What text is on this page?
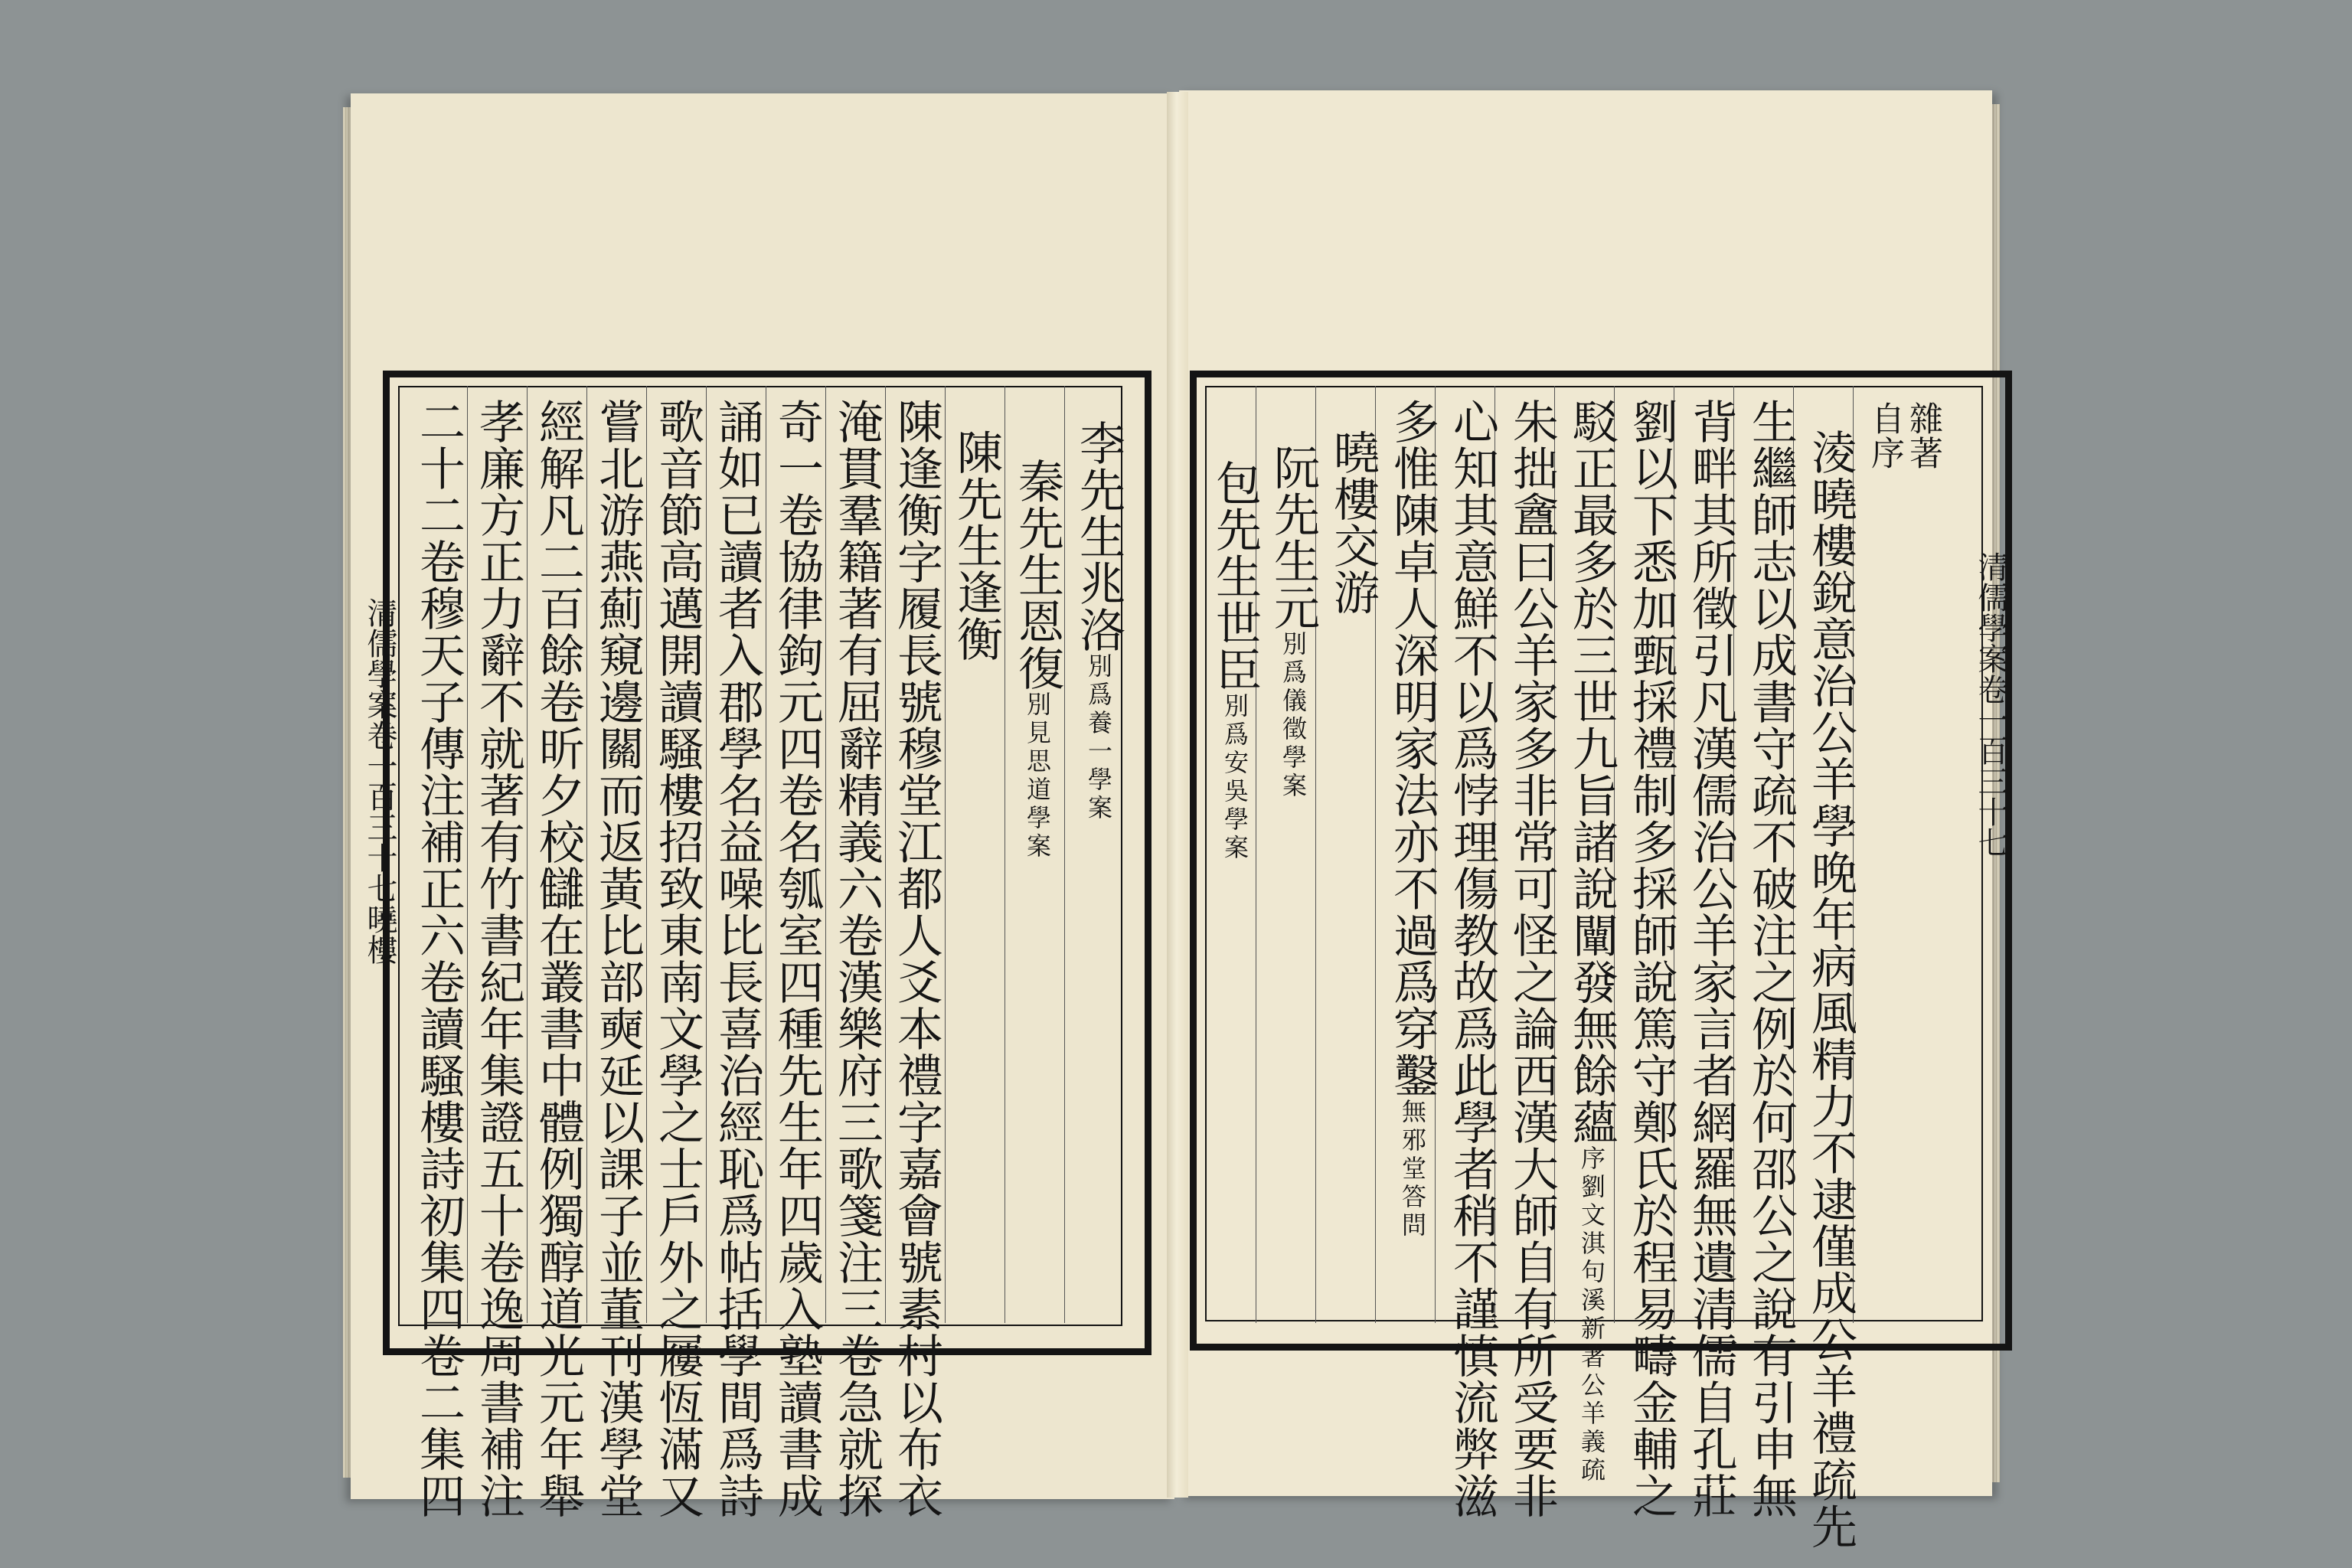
清儒學案卷一百三十七曉樓	清儒學案卷一百三十七
李先生兆洛別爲養一學案
秦先生恩復別見思道學案
陳先生逢衡
陳逢衡字履長號穆堂江都人爻本禮字嘉會號素村以布衣
淹貫羣籍著有屈辭精義六卷漢樂府三歌箋注三卷急就探
奇一卷協律鉤元四卷名瓠室四種先生年四歲入塾讀書成
誦如已讀者入郡學名益噪比長喜治經恥爲帖括學間爲詩
歌音節高邁開讀騷樓招致東南文學之士戶外之屨恆滿又
嘗北游燕薊窺邊關而返黃比部奭延以課子並董刊漢學堂
經解凡二百餘卷昕夕校讎在叢書中體例獨醇道光元年舉
孝廉方正力辭不就著有竹書紀年集證五十卷逸周書補注
二十二卷穆天子傳注補正六卷讀騷樓詩初集四卷二集四	雜著
自序
淩曉樓銳意治公羊學晚年病風精力不逮僅成公羊禮疏先
生繼師志以成書守疏不破注之例於何邵公之說有引申無
背畔其所徵引凡漢儒治公羊家言者網羅無遺清儒自孔莊
劉以下悉加甄採禮制多採師說篤守鄭氏於程易疇金輔之
駁正最多於三世九旨諸說闡發無餘蘊序劉文淇句溪新著公羊義疏
朱拙盦曰公羊家多非常可怪之論西漢大師自有所受要非
心知其意鮮不以爲悖理傷教故爲此學者稍不謹慎流弊滋
多惟陳卓人深明家法亦不過爲穿鑿無邪堂答問
曉樓交游
阮先生元別爲儀徵學案
包先生世臣別爲安吳學案
